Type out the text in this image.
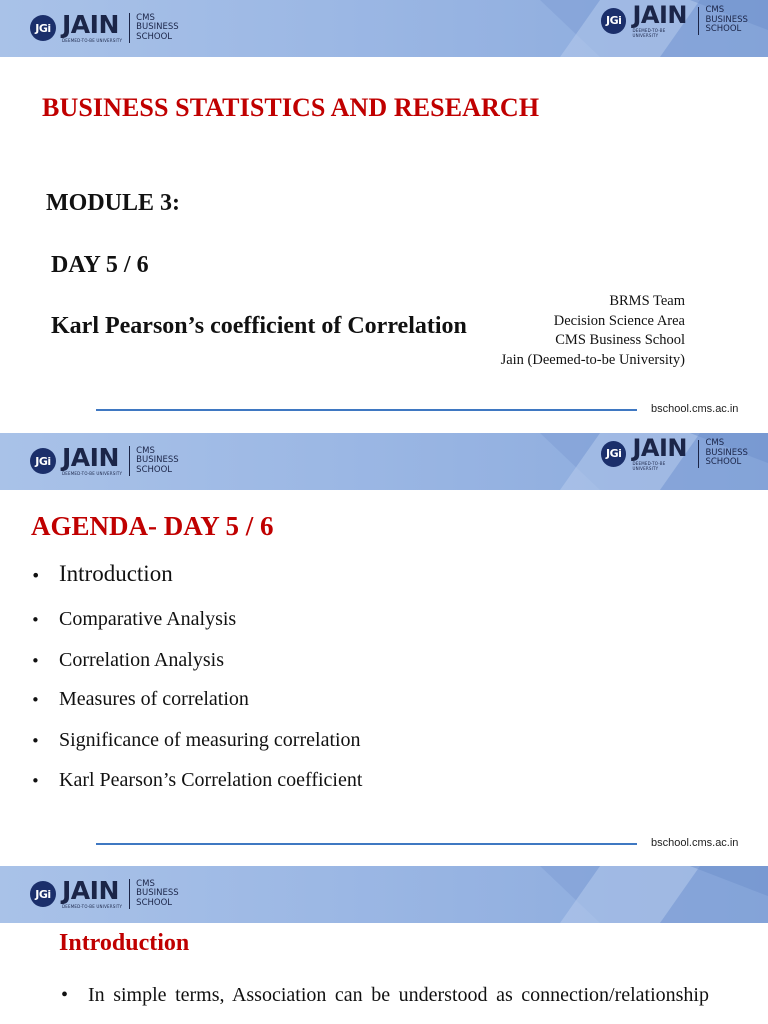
JGi JAIN
DEEMED-TO-BE UNIVERSITY
CMS
BUSINESS
SCHOOL
JGi JAIN
DEEMED-TO-BE UNIVERSITY
CMS BUSINESS
SCHOOL
BUSINESS STATISTICS AND RESEARCH
MODULE 3:
DAY 5 / 6
Karl Pearson’s coefficient of Correlation
BRMS Team
Decision Science Area
CMS Business School
Jain (Deemed-to-be University)
bschool.cms.ac.in
JGi JAIN
DEEMED-TO-BE UNIVERSITY
CMS
BUSINESS
SCHOOL
JGi JAIN
DEEMED-TO-BE UNIVERSITY
CMS BUSINESS
SCHOOL
AGENDA- DAY 5 / 6
• Introduction
• Comparative Analysis
• Correlation Analysis
• Measures of correlation
• Significance of measuring correlation
• Karl Pearson’s Correlation coefficient
bschool.cms.ac.in
JGi JAIN
DEEMED-TO-BE UNIVERSITY
CMS
BUSINESS
SCHOOL
Introduction
• In simple terms, Association can be understood as connection/relationship
